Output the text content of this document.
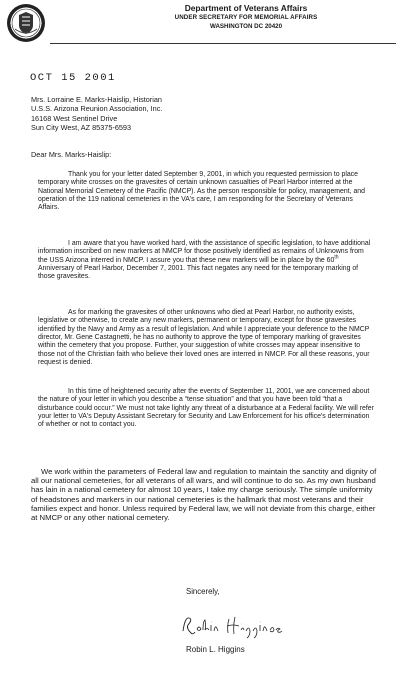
Department of Veterans Affairs
UNDER SECRETARY FOR MEMORIAL AFFAIRS
WASHINGTON DC 20420
OCT 15 2001
Mrs. Lorraine E. Marks-Haislip, Historian
U.S.S. Arizona Reunion Association, Inc.
16168 West Sentinel Drive
Sun City West, AZ 85375-6593
Dear Mrs. Marks-Haislip:

Thank you for your letter dated September 9, 2001, in which you requested permission to place temporary white crosses on the gravesites of certain unknown casualties of Pearl Harbor interred at the National Memorial Cemetery of the Pacific (NMCP). As the person responsible for policy, management, and operation of the 119 national cemeteries in the VA's care, I am responding for the Secretary of Veterans Affairs.

I am aware that you have worked hard, with the assistance of specific legislation, to have additional information inscribed on new markers at NMCP for those positively identified as remains of Unknowns from the USS Arizona interred in NMCP. I assure you that these new markers will be in place by the 60th Anniversary of Pearl Harbor, December 7, 2001. This fact negates any need for the temporary marking of those gravesites.

As for marking the gravesites of other unknowns who died at Pearl Harbor, no authority exists, legislative or otherwise, to create any new markers, permanent or temporary, except for those gravesites identified by the Navy and Army as a result of legislation. And while I appreciate your deference to the NMCP director, Mr. Gene Castagnetti, he has no authority to approve the type of temporary marking of gravesites within the cemetery that you propose. Further, your suggestion of white crosses may appear insensitive to those not of the Christian faith who believe their loved ones are interred in NMCP. For all these reasons, your request is denied.

In this time of heightened security after the events of September 11, 2001, we are concerned about the nature of your letter in which you describe a “tense situation” and that you have been told “that a disturbance could occur.” We must not take lightly any threat of a disturbance at a Federal facility. We will refer your letter to VA's Deputy Assistant Secretary for Security and Law Enforcement for his office's determination of whether or not to contact you.

We work within the parameters of Federal law and regulation to maintain the sanctity and dignity of all our national cemeteries, for all veterans of all wars, and will continue to do so. As my own husband has lain in a national cemetery for almost 10 years, I take my charge seriously. The simple uniformity of headstones and markers in our national cemeteries is the hallmark that most veterans and their families expect and honor. Unless required by Federal law, we will not deviate from this charge, either at NMCP or any other national cemetery.

Sincerely,
Robin L. Higgins
